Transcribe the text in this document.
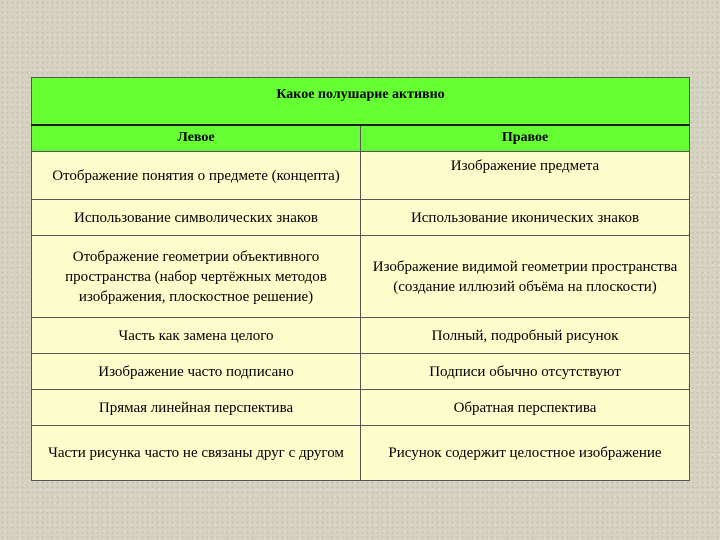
Какое полушарие активно	
Левое	Правое
Отображение понятия о предмете (концепта)	Изображение предмета
Использование символических знаков	Использование иконических знаков
Отображение геометрии объективного пространства (набор чертёжных методов изображения, плоскостное решение)	Изображение видимой геометрии пространства (создание иллюзий объёма на плоскости)
Часть как замена целого	Полный, подробный рисунок
Изображение часто подписано	Подписи обычно отсутствуют
Прямая линейная перспектива	Обратная перспектива
Части рисунка часто не связаны друг с другом	Рисунок содержит целостное изображение
